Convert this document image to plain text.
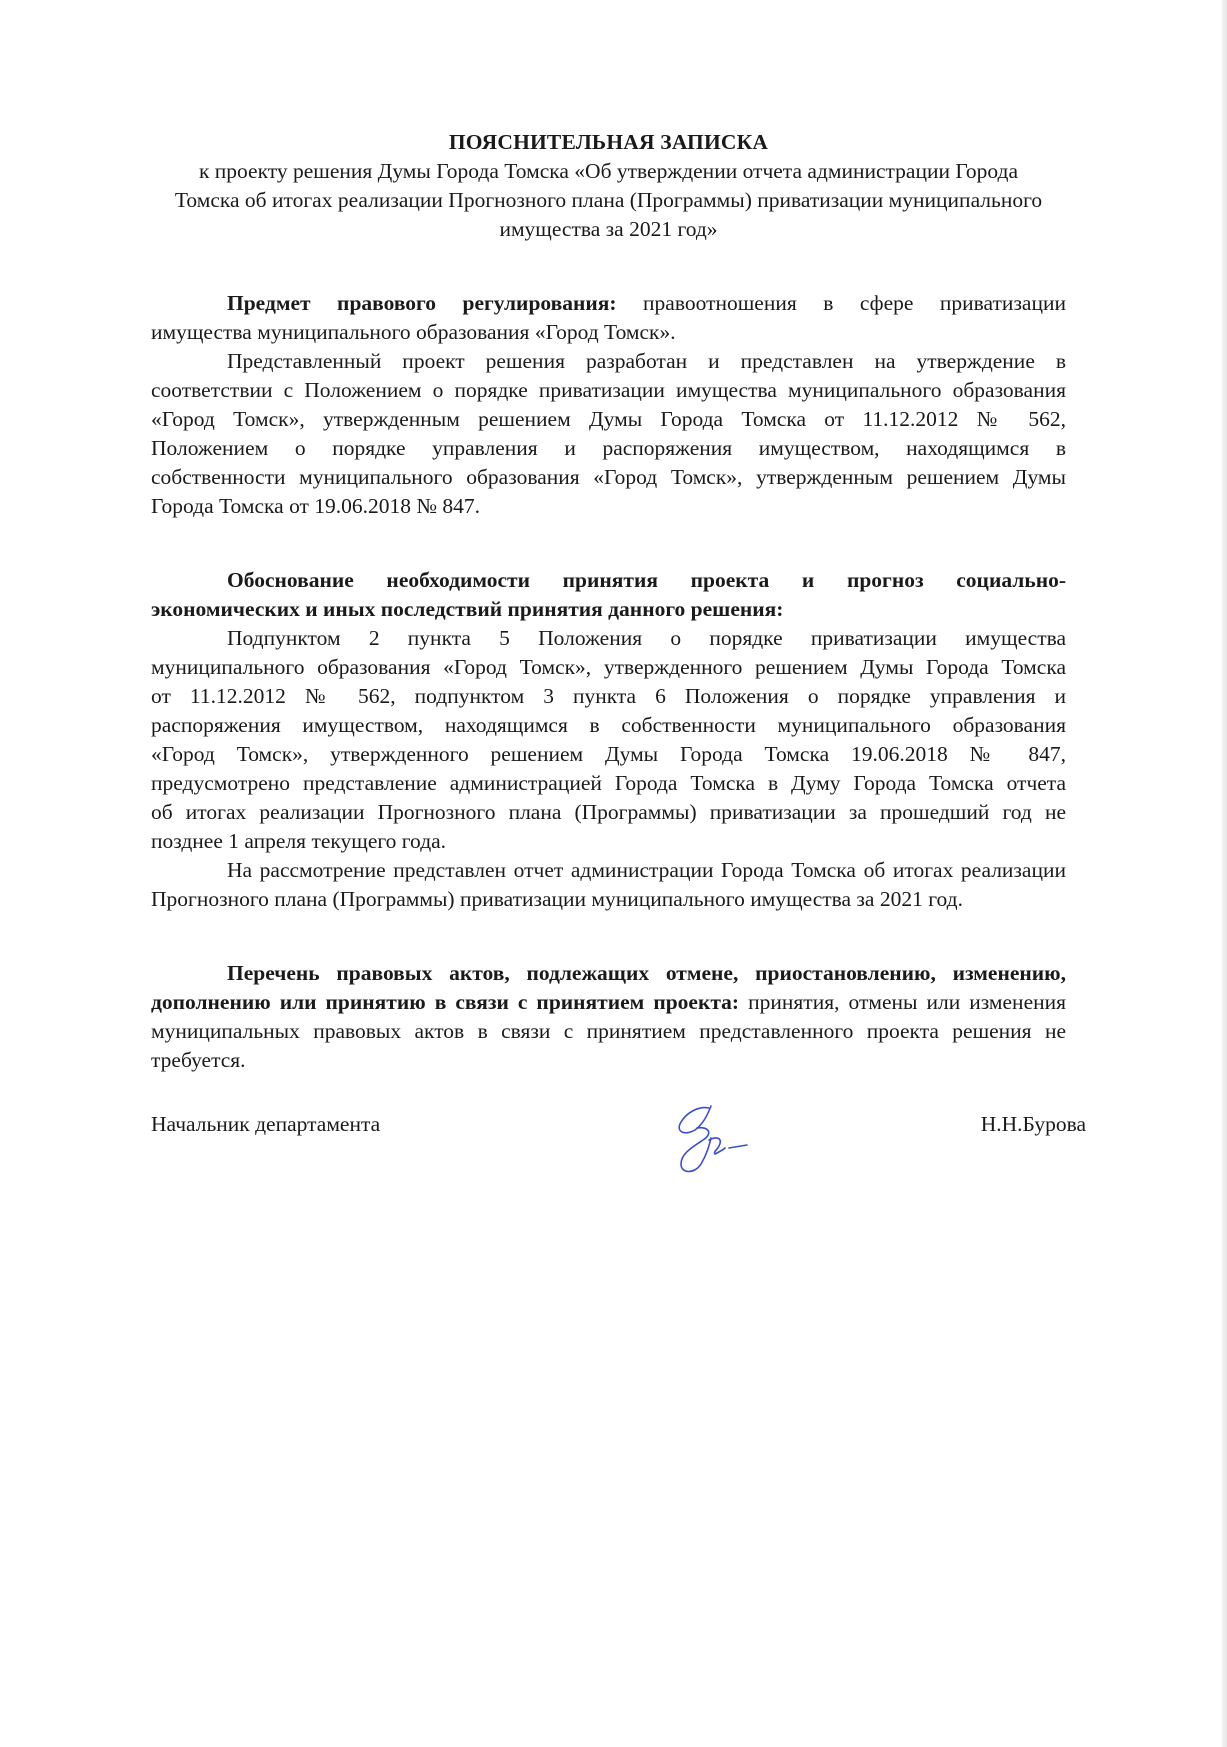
ПОЯСНИТЕЛЬНАЯ ЗАПИСКА
к проекту решения Думы Города Томска «Об утверждении отчета администрации Города
Томска об итогах реализации Прогнозного плана (Программы) приватизации муниципального
имущества за 2021 год»
Предмет правового регулирования: правоотношения в сфере приватизации
имущества муниципального образования «Город Томск».
Представленный проект решения разработан и представлен на утверждение в
соответствии с Положением о порядке приватизации имущества муниципального образования
«Город Томск», утвержденным решением Думы Города Томска от 11.12.2012 № 562,
Положением о порядке управления и распоряжения имуществом, находящимся в
собственности муниципального образования «Город Томск», утвержденным решением Думы
Города Томска от 19.06.2018 № 847.
Обоснование необходимости принятия проекта и прогноз социально-
экономических и иных последствий принятия данного решения:
Подпунктом 2 пункта 5 Положения о порядке приватизации имущества
муниципального образования «Город Томск», утвержденного решением Думы Города Томска
от 11.12.2012 № 562, подпунктом 3 пункта 6 Положения о порядке управления и
распоряжения имуществом, находящимся в собственности муниципального образования
«Город Томск», утвержденного решением Думы Города Томска 19.06.2018 № 847,
предусмотрено представление администрацией Города Томска в Думу Города Томска отчета
об итогах реализации Прогнозного плана (Программы) приватизации за прошедший год не
позднее 1 апреля текущего года.
На рассмотрение представлен отчет администрации Города Томска об итогах реализации
Прогнозного плана (Программы) приватизации муниципального имущества за 2021 год.
Перечень правовых актов, подлежащих отмене, приостановлению, изменению,
дополнению или принятию в связи с принятием проекта: принятия, отмены или изменения
муниципальных правовых актов в связи с принятием представленного проекта решения не
требуется.
Начальник департамента	Н.Н.Бурова
